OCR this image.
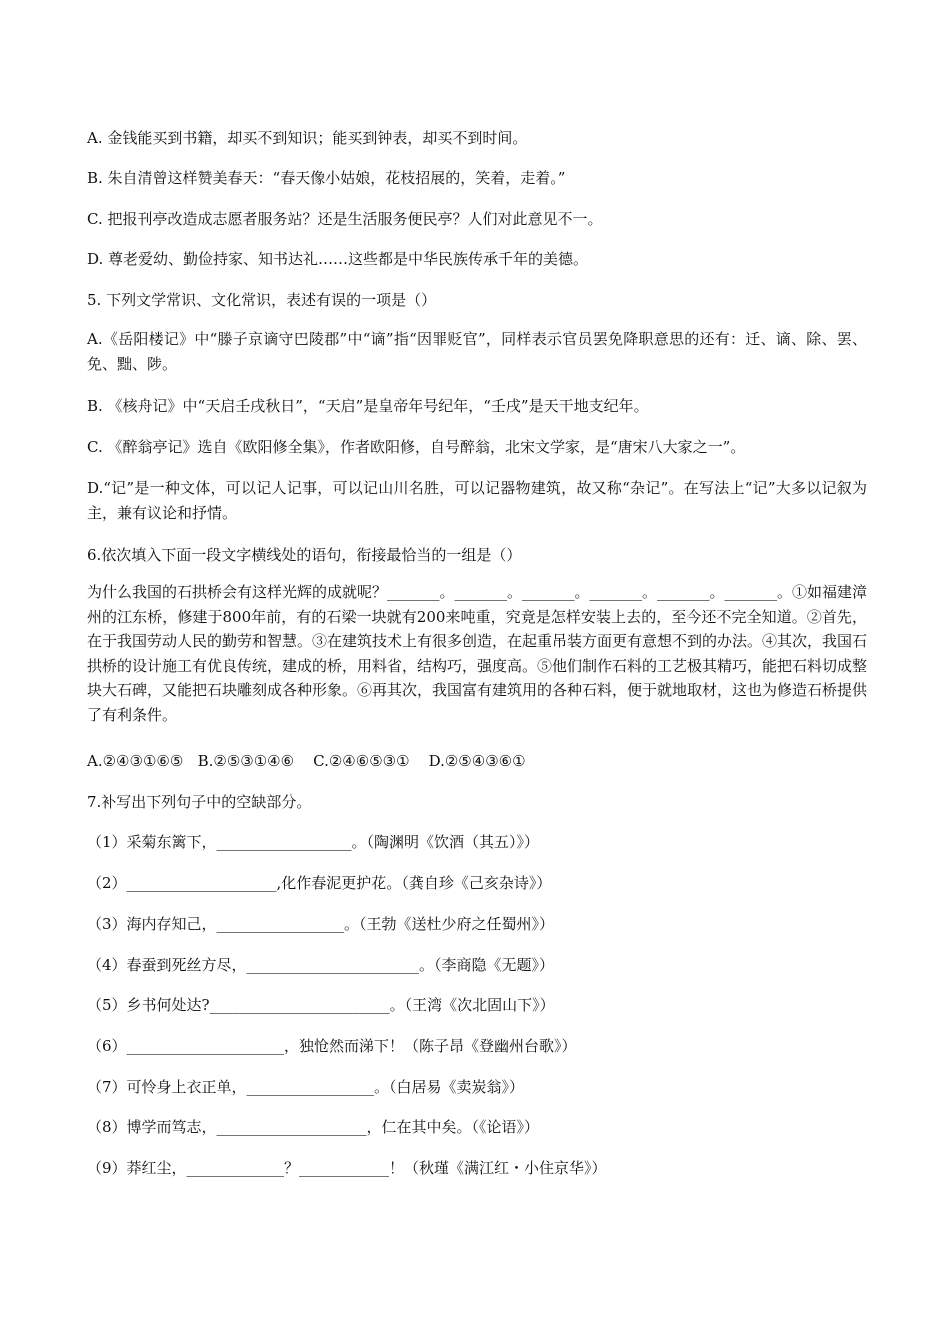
A. 金钱能买到书籍，却买不到知识；能买到钟表，却买不到时间。
B. 朱自清曾这样赞美春天：“春天像小姑娘，花枝招展的，笑着，走着。”
C. 把报刊亭改造成志愿者服务站？还是生活服务便民亭？人们对此意见不一。
D. 尊老爱幼、勤俭持家、知书达礼……这些都是中华民族传承千年的美德。
5. 下列文学常识、文化常识，表述有误的一项是（）
A.《岳阳楼记》中“滕子京谪守巴陵郡”中“谪”指“因罪贬官”，同样表示官员罢免降职意思的还有：迁、谪、除、罢、免、黜、陟。
B. 《核舟记》中“天启壬戌秋日”，“天启”是皇帝年号纪年，“壬戌”是天干地支纪年。
C. 《醉翁亭记》选自《欧阳修全集》，作者欧阳修，自号醉翁，北宋文学家，是“唐宋八大家之一”。
D.“记”是一种文体，可以记人记事，可以记山川名胜，可以记器物建筑，故又称“杂记”。在写法上“记”大多以记叙为主，兼有议论和抒情。
6.依次填入下面一段文字横线处的语句，衔接最恰当的一组是（）
为什么我国的石拱桥会有这样光辉的成就呢？_______。_______。_______。_______。_______。_______。①如福建漳州的江东桥，修建于800年前，有的石梁一块就有200来吨重，究竟是怎样安装上去的，至今还不完全知道。②首先，在于我国劳动人民的勤劳和智慧。③在建筑技术上有很多创造，在起重吊装方面更有意想不到的办法。④其次，我国石拱桥的设计施工有优良传统，建成的桥，用料省，结构巧，强度高。⑤他们制作石料的工艺极其精巧，能把石料切成整块大石碑，又能把石块雕刻成各种形象。⑥再其次，我国富有建筑用的各种石料，便于就地取材，这也为修造石桥提供了有利条件。
A.②④③①⑥⑤   B.②⑤③①④⑥    C.②④⑥⑤③①    D.②⑤④③⑥①
7.补写出下列句子中的空缺部分。
（1）采菊东篱下，__________________。（陶渊明《饮酒（其五）》）
（2）____________________,化作春泥更护花。（龚自珍《己亥杂诗》）
（3）海内存知己，_________________。（王勃《送杜少府之任蜀州》）
（4）春蚕到死丝方尽，_______________________。（李商隐《无题》）
（5）乡书何处达?________________________。（王湾《次北固山下》）
（6）_____________________，独怆然而涕下！（陈子昂《登幽州台歌》）
（7）可怜身上衣正单，_________________。（白居易《卖炭翁》）
（8）博学而笃志，____________________，仁在其中矣。（《论语》）
（9）莽红尘，_____________？____________！（秋瑾《满江红・小住京华》）
